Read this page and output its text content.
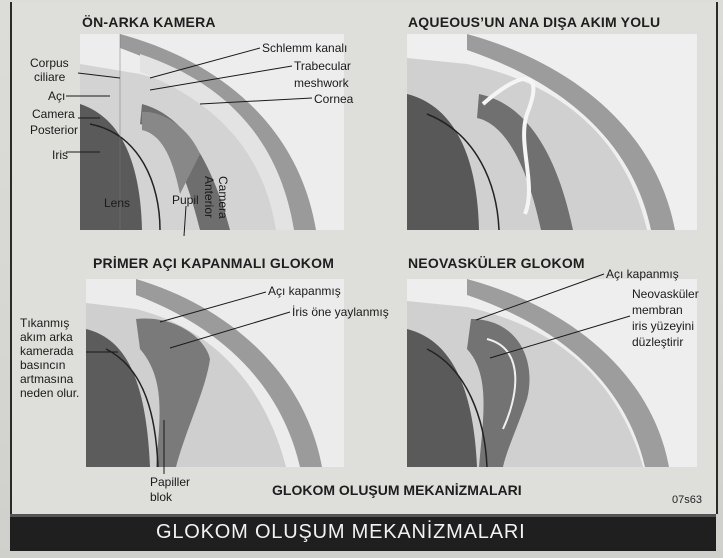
ÖN-ARKA KAMERA	AQUEOUS’UN ANA DIŞA AKIM YOLU
PRİMER AÇI KAPANMALI GLOKOM	NEOVASKÜLER GLOKOM
Schlemm kanalı
Trabecular
meshwork
Cornea
Corpus
ciliare
Açı
Camera
Posterior
Iris
Lens	Pupil Camera
Anterior
Açı kapanmış
İris öne yaylanmış
Tıkanmış
akım arka
kamerada
basıncın
artmasına
neden olur.
Papiller
blok
Açı kapanmış
Neovasküler
membran
iris yüzeyini
düzleştirir
GLOKOM OLUŞUM MEKANİZMALARI
07s63
GLOKOM OLUŞUM MEKANİZMALARI
